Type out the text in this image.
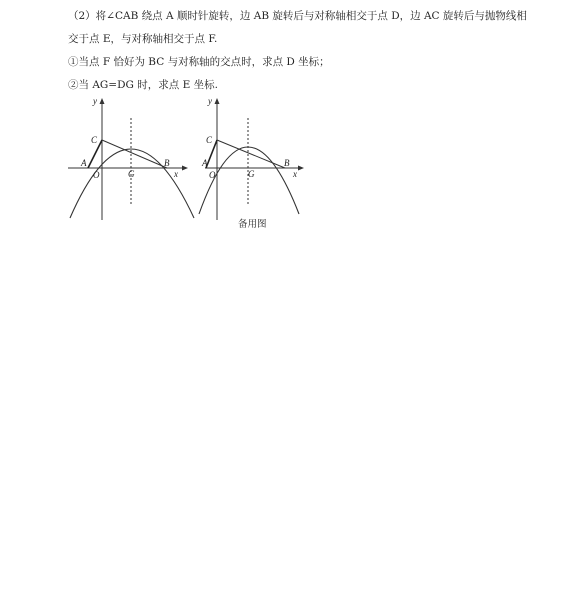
（2）将∠CAB 绕点 A 顺时针旋转，边 AB 旋转后与对称轴相交于点 D，边 AC 旋转后与抛物线相
交于点 E，与对称轴相交于点 F.
①当点 F 恰好为 BC 与对称轴的交点时，求点 D 坐标；
②当 AG=DG 时，求点 E 坐标.
y
x
A	B
C
O	G
y
x
A	B
C
O	G
备用图
